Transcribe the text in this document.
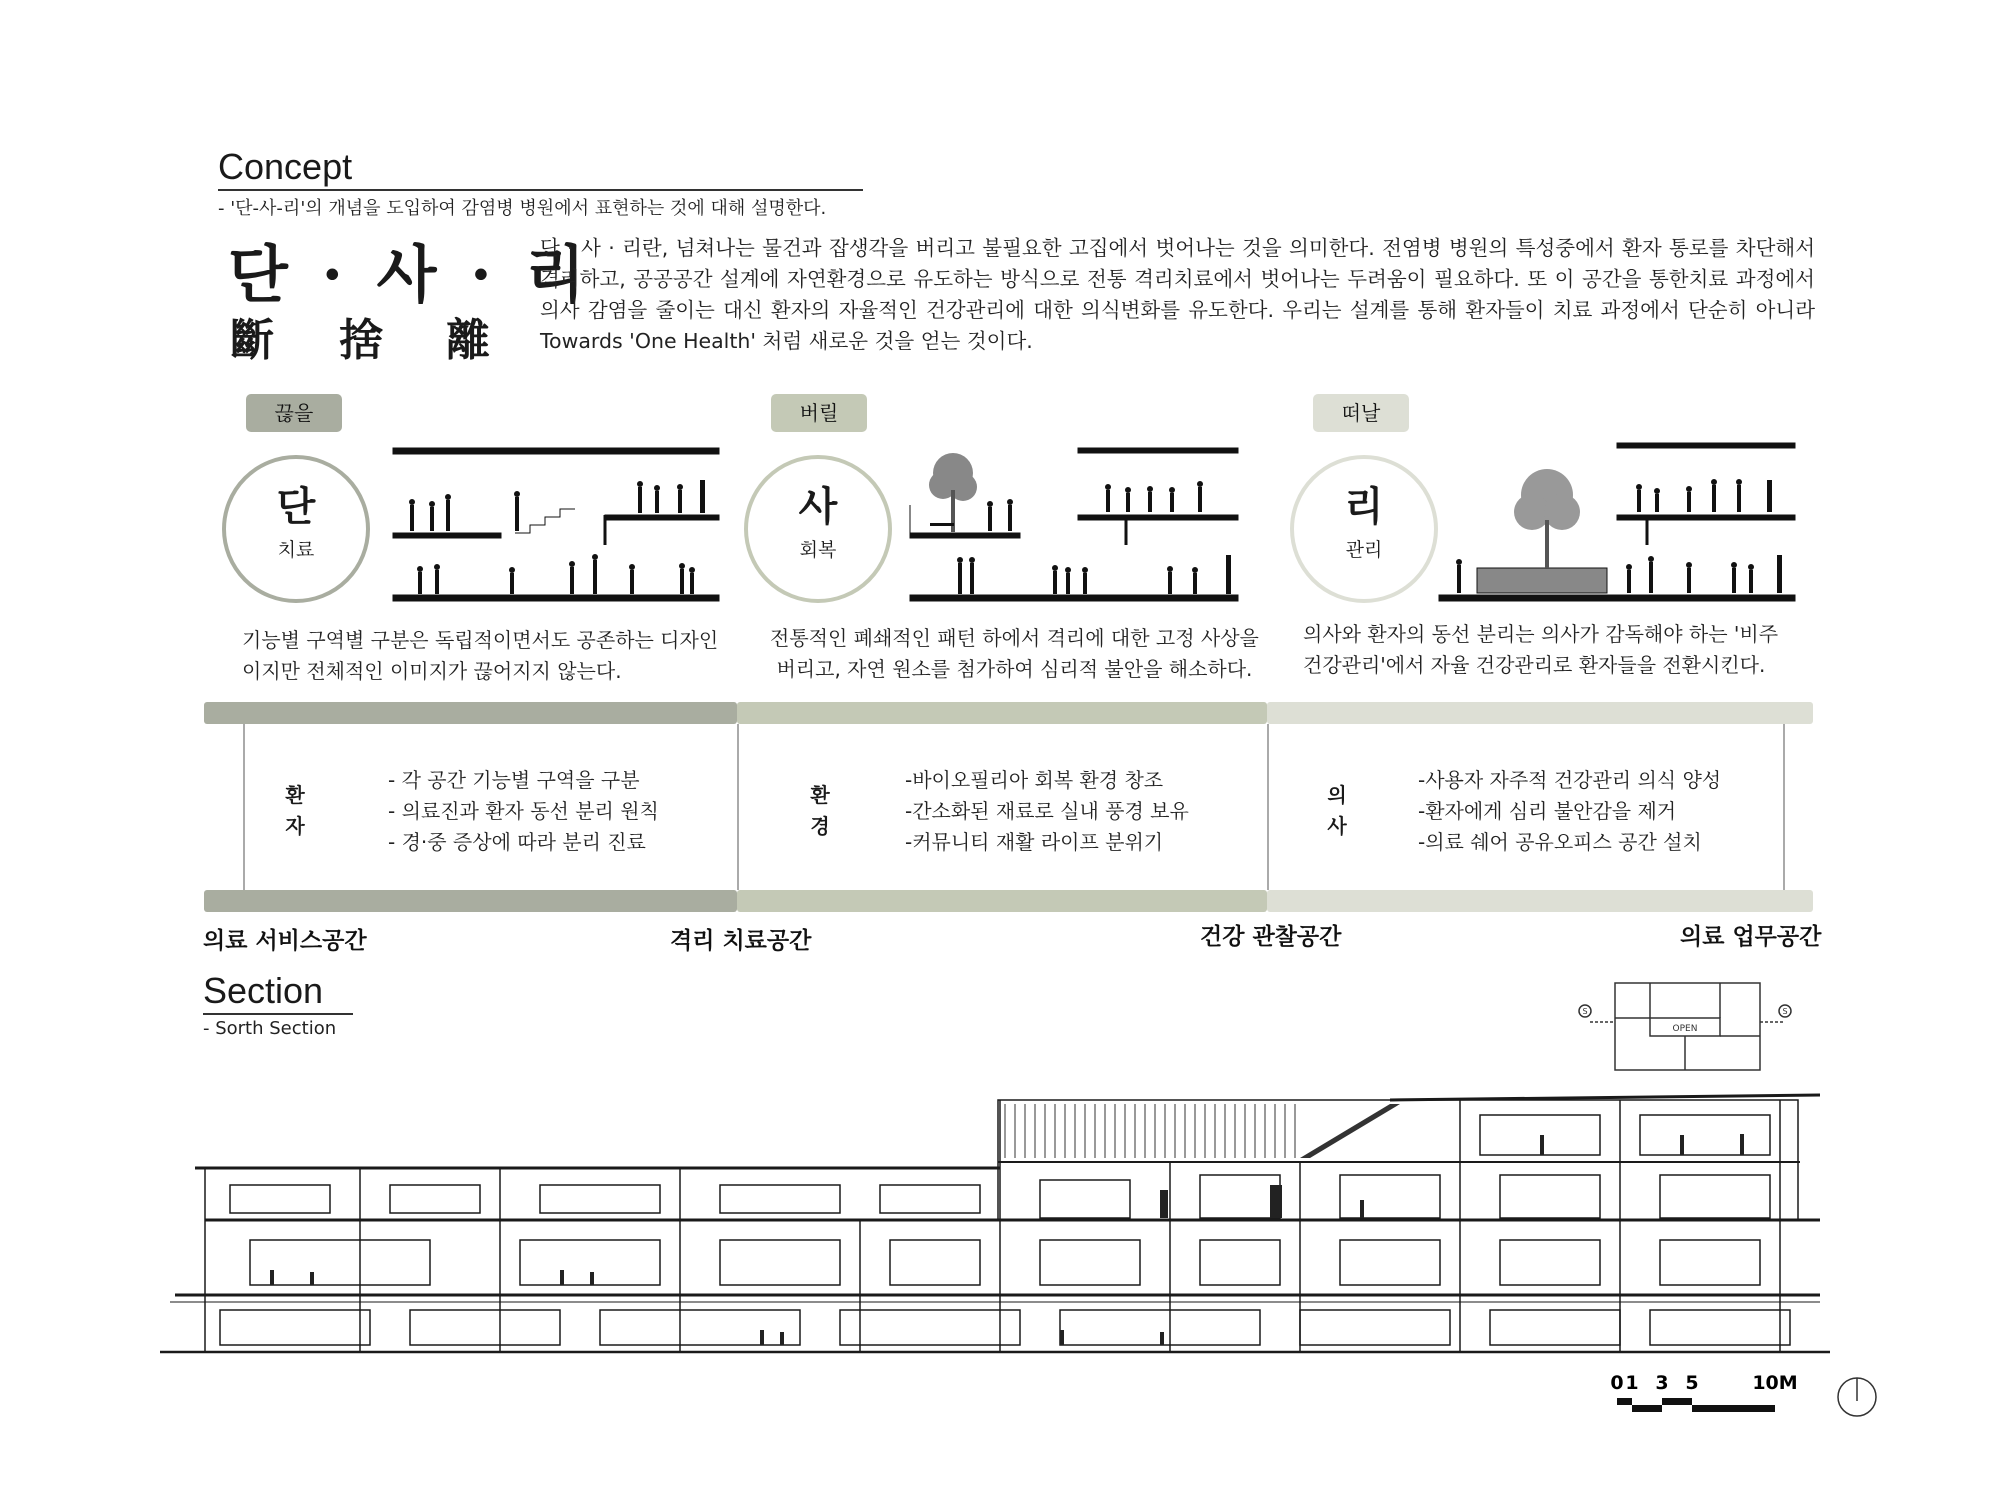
Concept
- '단-사-리'의 개념을 도입하여 감염병 병원에서 표현하는 것에 대해 설명한다.
단 · 사 · 리
斷 捨 離
단 · 사 · 리란, 넘쳐나는 물건과 잡생각을 버리고 불필요한 고집에서 벗어나는 것을 의미한다. 전염병 병원의 특성중에서 환자 통로를 차단해서 격리하고, 공공공간 설계에 자연환경으로 유도하는 방식으로 전통 격리치료에서 벗어나는 두려움이 필요하다. 또 이 공간을 통한치료 과정에서 의사 감염을 줄이는 대신 환자의 자율적인 건강관리에 대한 의식변화를 유도한다. 우리는 설계를 통해 환자들이 치료 과정에서 단순히 아니라 Towards 'One Health' 처럼 새로운 것을 얻는 것이다.
끊을	버릴	떠날
단
치료
사
회복
리
관리
기능별 구역별 구분은 독립적이면서도 공존하는 디자인
이지만 전체적인 이미지가 끊어지지 않는다.
전통적인 폐쇄적인 패턴 하에서 격리에 대한 고정 사상을
버리고, 자연 원소를 첨가하여 심리적 불안을 해소하다.
의사와 환자의 동선 분리는 의사가 감독해야 하는 '비주
건강관리'에서 자율 건강관리로 환자들을 전환시킨다.
환
자
환
경
의
사
- 각 공간 기능별 구역을 구분
- 의료진과 환자 동선 분리 원칙
- 경·중 증상에 따라 분리 진료
-바이오필리아 회복 환경 창조
-간소화된 재료로 실내 풍경 보유
-커뮤니티 재활 라이프 분위기
-사용자 자주적 건강관리 의식 양성
-환자에게 심리 불안감을 제거
-의료 쉐어 공유오피스 공간 설치
의료 서비스공간	격리 치료공간	건강 관찰공간	의료 업무공간
Section
- Sorth Section	OPEN
S	S
0 1 3 5	10M
